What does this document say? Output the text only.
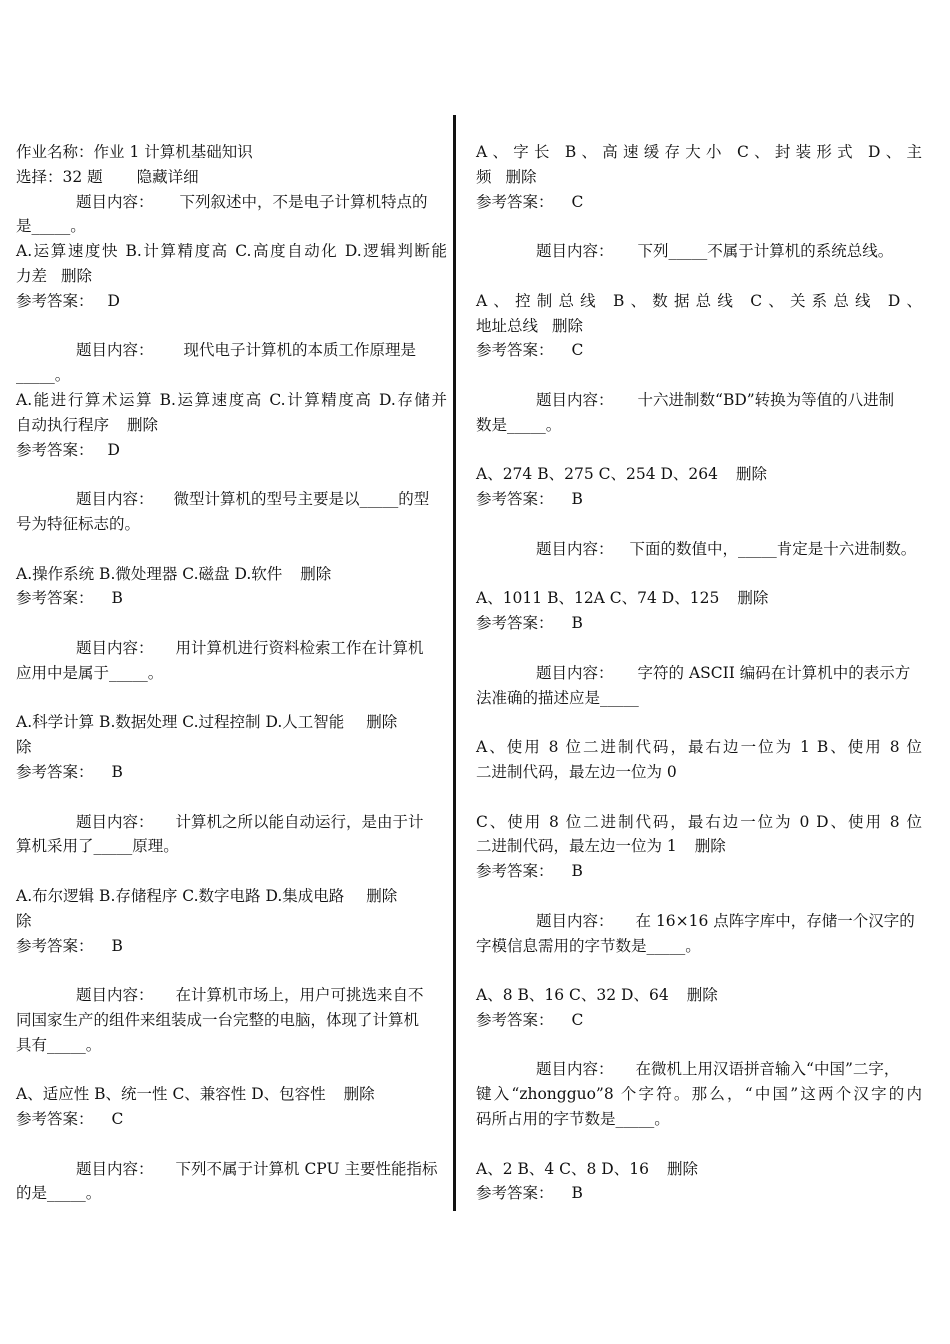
作业名称：作业 1 计算机基础知识
选择：32 题 隐藏详细
题目内容： 下列叙述中，不是电子计算机特点的
是_____。
A.运算速度快 B.计算精度高 C.高度自动化 D.逻辑判断能
力差 删除
参考答案： D
题目内容： 现代电子计算机的本质工作原理是
_____。
A.能进行算术运算 B.运算速度高 C.计算精度高 D.存储并
自动执行程序 删除
参考答案： D
题目内容： 微型计算机的型号主要是以_____的型
号为特征标志的。
A.操作系统 B.微处理器 C.磁盘 D.软件 删除
参考答案： B
题目内容： 用计算机进行资料检索工作在计算机
应用中是属于_____。
A.科学计算 B.数据处理 C.过程控制 D.人工智能 删除
除
参考答案： B
题目内容： 计算机之所以能自动运行，是由于计
算机采用了_____原理。
A.布尔逻辑 B.存储程序 C.数字电路 D.集成电路 删除
除
参考答案： B
题目内容： 在计算机市场上，用户可挑选来自不
同国家生产的组件来组装成一台完整的电脑，体现了计算机
具有_____。
A、适应性 B、统一性 C、兼容性 D、包容性 删除
参考答案： C
题目内容： 下列不属于计算机 CPU 主要性能指标
的是_____。
A、字长 B、高速缓存大小 C、封装形式 D、主
频 删除
参考答案： C
题目内容： 下列_____不属于计算机的系统总线。
A、控制总线 B、数据总线 C、关系总线 D、
地址总线 删除
参考答案： C
题目内容： 十六进制数“BD”转换为等值的八进制
数是_____。
A、274 B、275 C、254 D、264 删除
参考答案： B
题目内容： 下面的数值中，_____肯定是十六进制数。
A、1011 B、12A C、74 D、125 删除
参考答案： B
题目内容： 字符的 ASCII 编码在计算机中的表示方
法准确的描述应是_____
A、使用 8 位二进制代码，最右边一位为 1 B、使用 8 位
二进制代码，最左边一位为 0
C、使用 8 位二进制代码，最右边一位为 0 D、使用 8 位
二进制代码，最左边一位为 1 删除
参考答案： B
题目内容： 在 16×16 点阵字库中，存储一个汉字的
字模信息需用的字节数是_____。
A、8 B、16 C、32 D、64 删除
参考答案： C
题目内容： 在微机上用汉语拼音输入“中国”二字，
键入“zhongguo”8 个字符。那么，“中国”这两个汉字的内
码所占用的字节数是_____。
A、2 B、4 C、8 D、16 删除
参考答案： B
